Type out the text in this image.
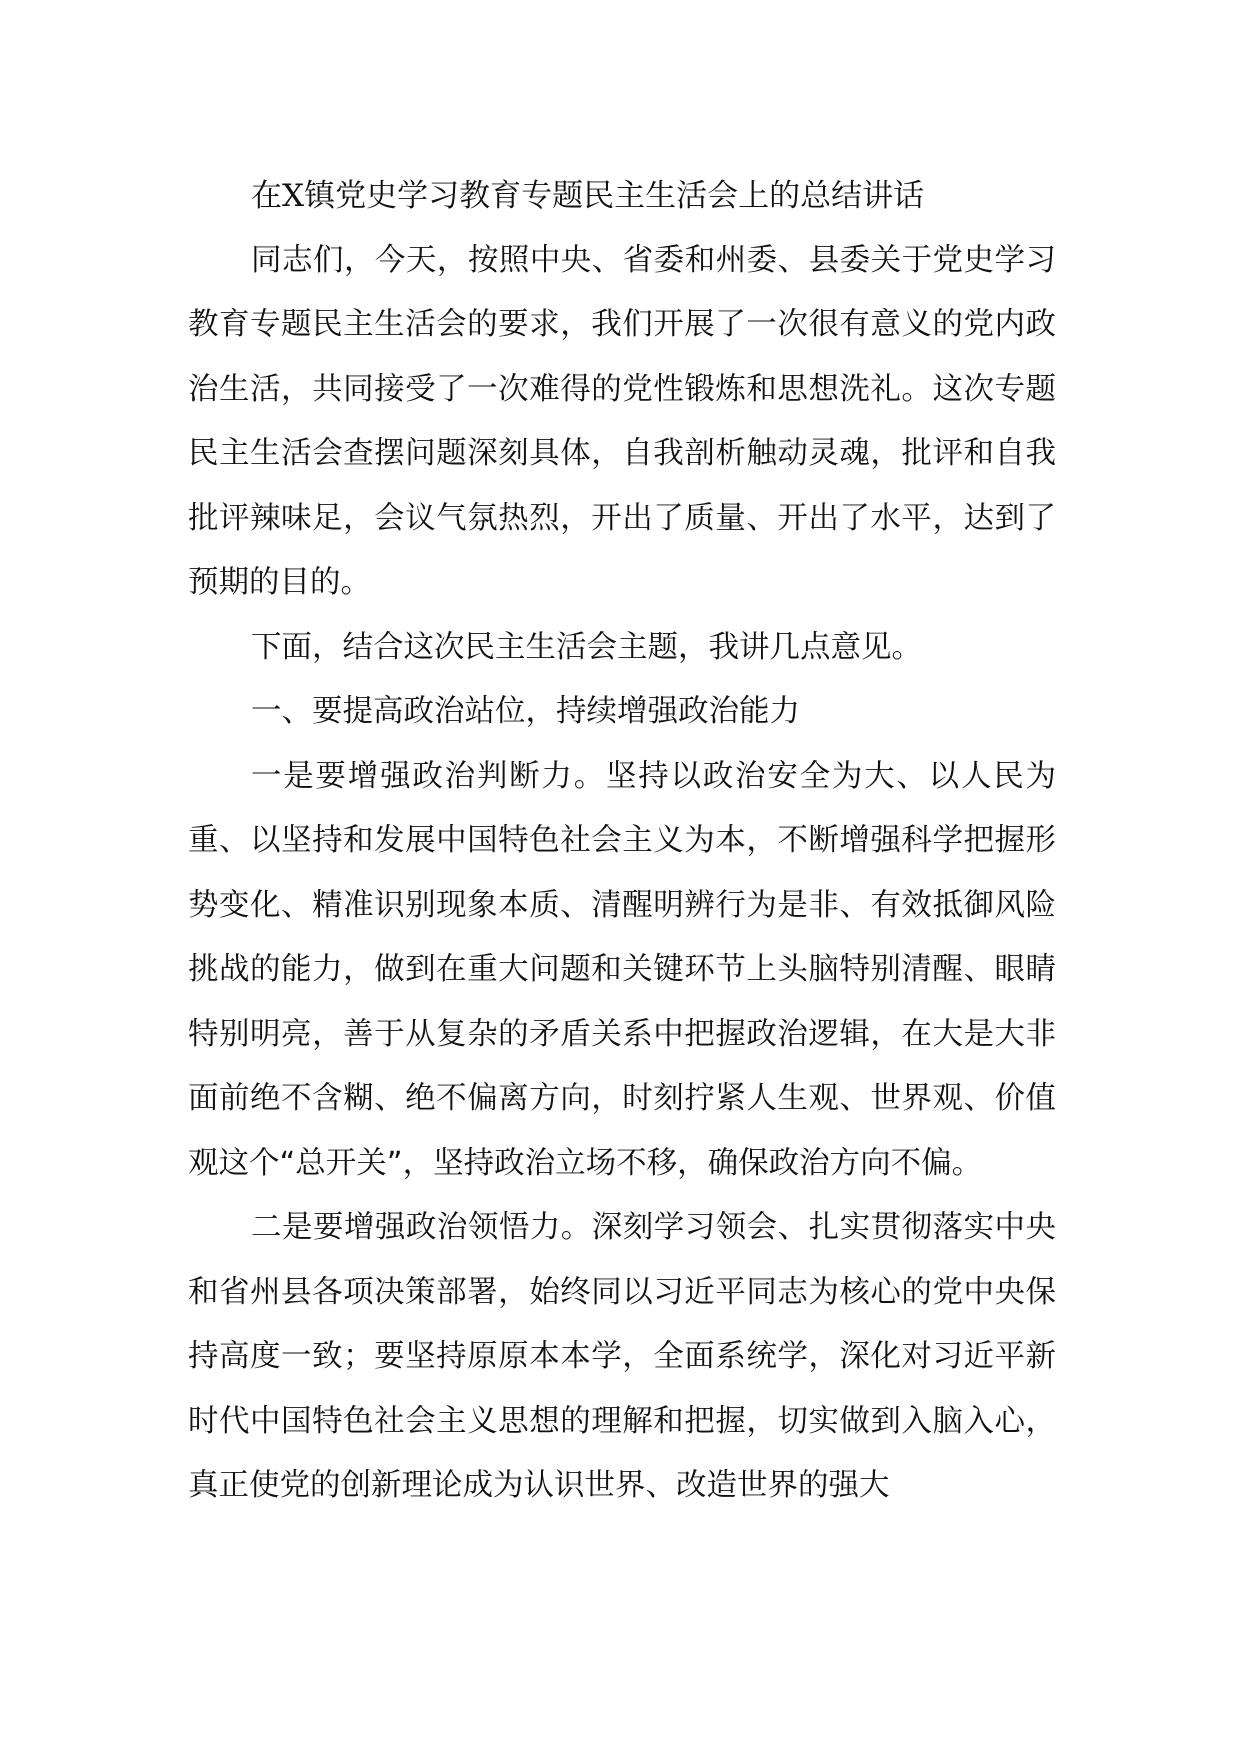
在X镇党史学习教育专题民主生活会上的总结讲话

同志们，今天，按照中央、省委和州委、县委关于党史学习教育专题民主生活会的要求，我们开展了一次很有意义的党内政治生活，共同接受了一次难得的党性锻炼和思想洗礼。这次专题民主生活会查摆问题深刻具体，自我剖析触动灵魂，批评和自我批评辣味足，会议气氛热烈，开出了质量、开出了水平，达到了预期的目的。

下面，结合这次民主生活会主题，我讲几点意见。

一、要提高政治站位，持续增强政治能力

一是要增强政治判断力。坚持以政治安全为大、以人民为重、以坚持和发展中国特色社会主义为本，不断增强科学把握形势变化、精准识别现象本质、清醒明辨行为是非、有效抵御风险挑战的能力，做到在重大问题和关键环节上头脑特别清醒、眼睛特别明亮，善于从复杂的矛盾关系中把握政治逻辑，在大是大非面前绝不含糊、绝不偏离方向，时刻拧紧人生观、世界观、价值观这个“总开关”，坚持政治立场不移，确保政治方向不偏。

二是要增强政治领悟力。深刻学习领会、扎实贯彻落实中央和省州县各项决策部署，始终同以习近平同志为核心的党中央保持高度一致；要坚持原原本本学，全面系统学，深化对习近平新时代中国特色社会主义思想的理解和把握，切实做到入脑入心，真正使党的创新理论成为认识世界、改造世界的强大
